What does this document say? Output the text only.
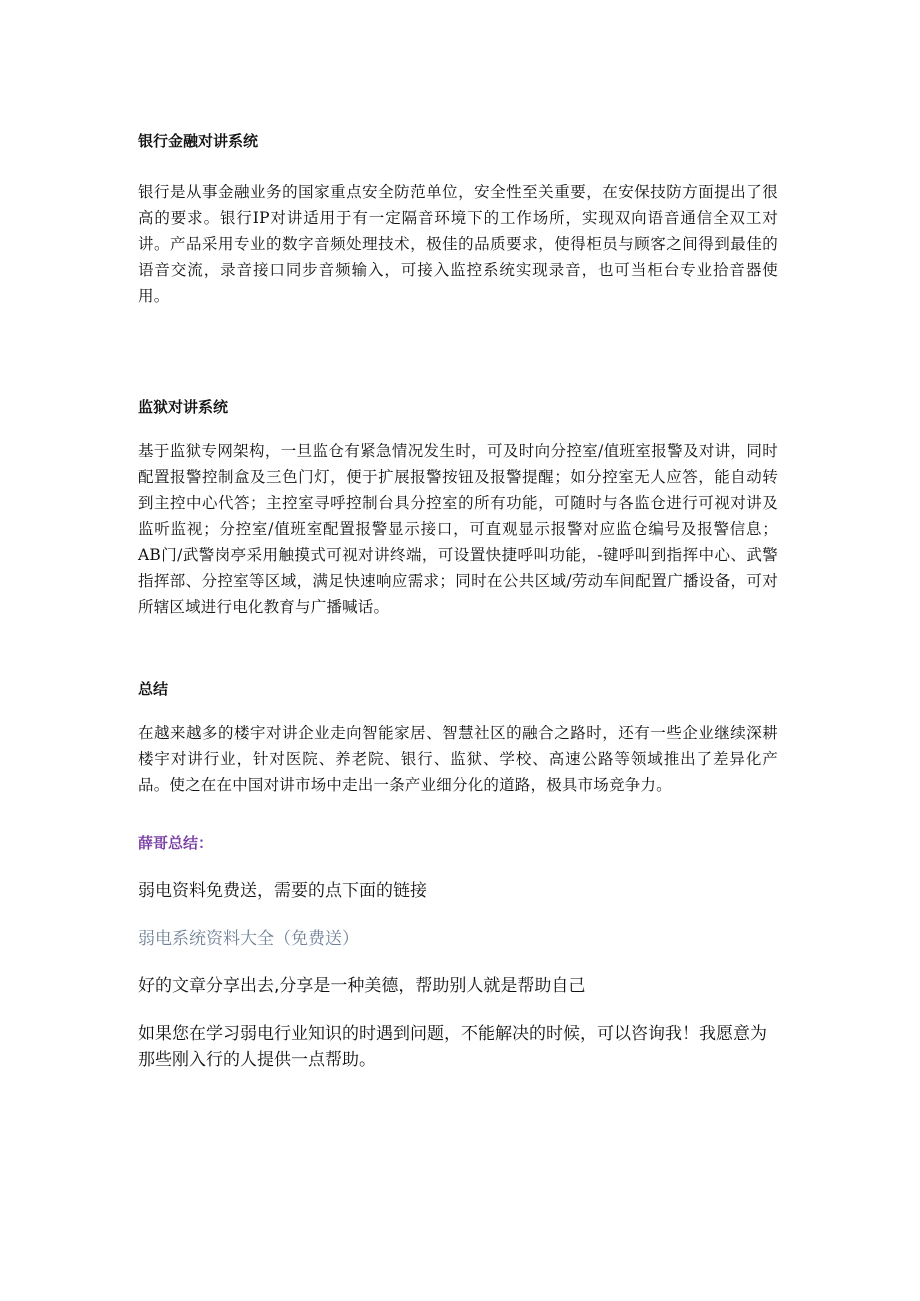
银行金融对讲系统
银行是从事金融业务的国家重点安全防范单位，安全性至关重要，在安保技防方面提出了很高的要求。银行IP对讲适用于有一定隔音环境下的工作场所，实现双向语音通信全双工对讲。产品采用专业的数字音频处理技术，极佳的品质要求，使得柜员与顾客之间得到最佳的语音交流，录音接口同步音频输入，可接入监控系统实现录音，也可当柜台专业拾音器使用。
监狱对讲系统
基于监狱专网架构，一旦监仓有紧急情况发生时，可及时向分控室/值班室报警及对讲，同时配置报警控制盒及三色门灯，便于扩展报警按钮及报警提醒；如分控室无人应答，能自动转到主控中心代答；主控室寻呼控制台具分控室的所有功能，可随时与各监仓进行可视对讲及监听监视；分控室/值班室配置报警显示接口，可直观显示报警对应监仓编号及报警信息；AB门/武警岗亭采用触摸式可视对讲终端，可设置快捷呼叫功能，-键呼叫到指挥中心、武警指挥部、分控室等区域，满足快速响应需求；同时在公共区域/劳动车间配置广播设备，可对所辖区域进行电化教育与广播喊话。
总结
在越来越多的楼宇对讲企业走向智能家居、智慧社区的融合之路时，还有一些企业继续深耕楼宇对讲行业，针对医院、养老院、银行、监狱、学校、高速公路等领域推出了差异化产品。使之在在中国对讲市场中走出一条产业细分化的道路，极具市场竞争力。
薛哥总结：
弱电资料免费送，需要的点下面的链接
弱电系统资料大全（免费送）
好的文章分享出去,分享是一种美德，帮助别人就是帮助自己
如果您在学习弱电行业知识的时遇到问题，不能解决的时候，可以咨询我！我愿意为那些刚入行的人提供一点帮助。
